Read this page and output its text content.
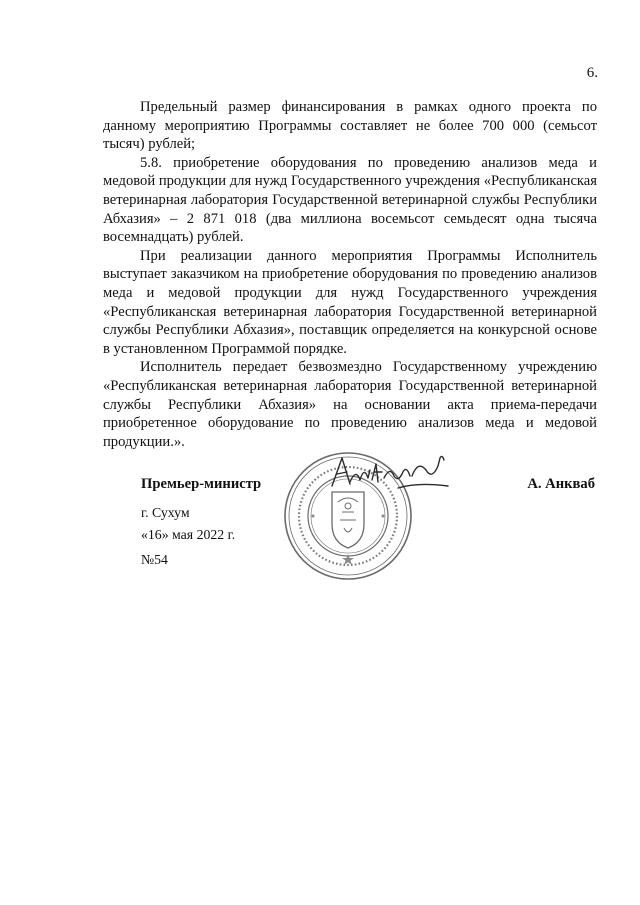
6.

Предельный размер финансирования в рамках одного проекта по данному мероприятию Программы составляет не более 700 000 (семьсот тысяч) рублей;

5.8. приобретение оборудования по проведению анализов меда и медовой продукции для нужд Государственного учреждения «Республиканская ветеринарная лаборатория Государственной ветеринарной службы Республики Абхазия» – 2 871 018 (два миллиона восемьсот семьдесят одна тысяча восемнадцать) рублей.

При реализации данного мероприятия Программы Исполнитель выступает заказчиком на приобретение оборудования по проведению анализов меда и медовой продукции для нужд Государственного учреждения «Республиканская ветеринарная лаборатория Государственной ветеринарной службы Республики Абхазия», поставщик определяется на конкурсной основе в установленном Программой порядке.

Исполнитель передает безвозмездно Государственному учреждению «Республиканская ветеринарная лаборатория Государственной ветеринарной службы Республики Абхазия» на основании акта приема-передачи приобретенное оборудование по проведению анализов меда и медовой продукции.».

Премьер-министр	А. Анкваб
г. Сухум
«16» мая 2022 г.
№54
